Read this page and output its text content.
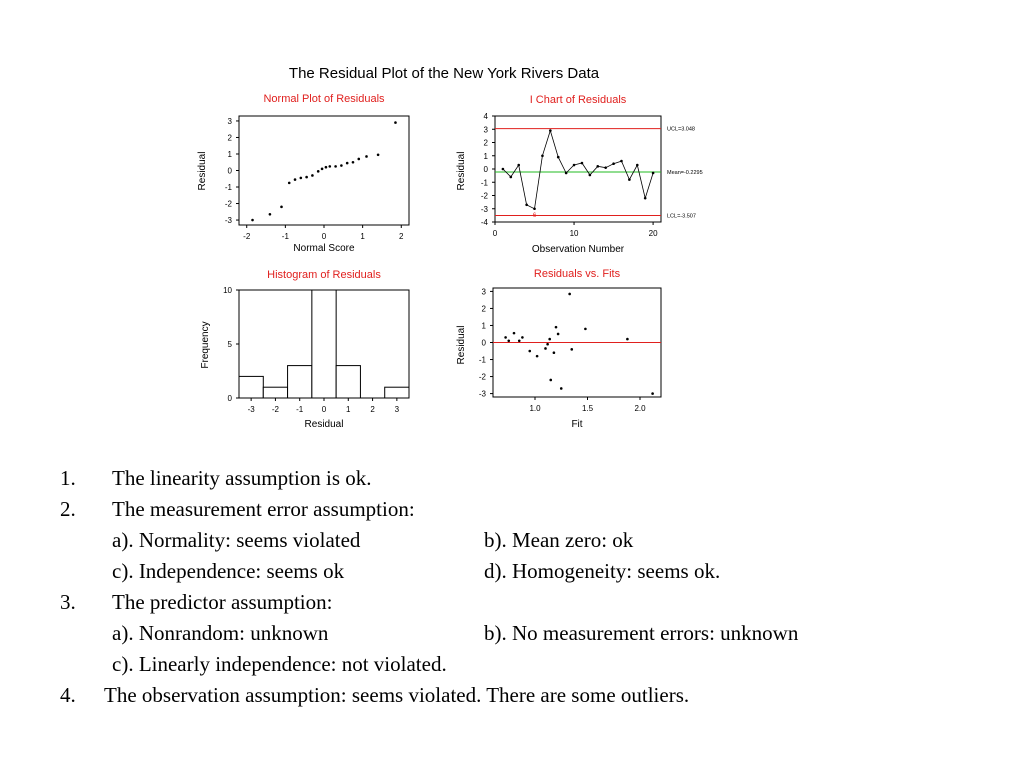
The Residual Plot of the New York Rivers Data
Normal Plot of Residuals
Residual
Normal Score
-2	-1	0	1	2
3
2
1
0
-1
-2
-3
I Chart of Residuals
Residual
Observation Number
UCL=3.048
Mean=-0.2295
LCL=-3.507
0	10	20
4
3
2
1
0
-1
-2
-3
-4
6
Histogram of Residuals
Frequency
Residual
-3 -2 -1 0 1 2 3
10
5
0
Residuals vs. Fits
Residual
Fit
1.0	1.5	2.0
3
2
1
0
-1
-2
-3
1. The linearity assumption is ok.
2. The measurement error assumption:
a). Normality: seems violated	b). Mean zero: ok
c). Independence: seems ok	d). Homogeneity: seems ok.
3. The predictor assumption:
a). Nonrandom: unknown	b). No measurement errors: unknown
c). Linearly independence: not violated.
4. The observation assumption: seems violated. There are some outliers.
